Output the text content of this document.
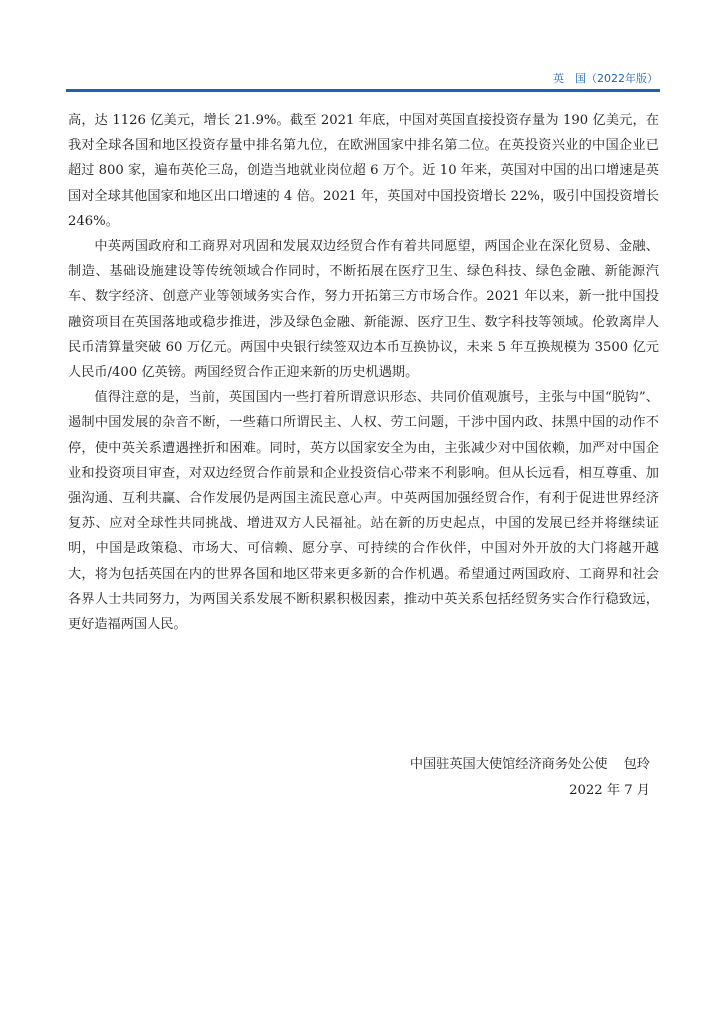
英　国（2022年版）

高，达 1126 亿美元，增长 21.9%。截至 2021 年底，中国对英国直接投资存量为 190 亿美元，在我对全球各国和地区投资存量中排名第九位，在欧洲国家中排名第二位。在英投资兴业的中国企业已超过 800 家，遍布英伦三岛，创造当地就业岗位超 6 万个。近 10 年来，英国对中国的出口增速是英国对全球其他国家和地区出口增速的 4 倍。2021 年，英国对中国投资增长 22%，吸引中国投资增长 246%。

中英两国政府和工商界对巩固和发展双边经贸合作有着共同愿望，两国企业在深化贸易、金融、制造、基础设施建设等传统领域合作同时，不断拓展在医疗卫生、绿色科技、绿色金融、新能源汽车、数字经济、创意产业等领域务实合作，努力开拓第三方市场合作。2021 年以来，新一批中国投融资项目在英国落地或稳步推进，涉及绿色金融、新能源、医疗卫生、数字科技等领域。伦敦离岸人民币清算量突破 60 万亿元。两国中央银行续签双边本币互换协议，未来 5 年互换规模为 3500 亿元人民币/400 亿英镑。两国经贸合作正迎来新的历史机遇期。

值得注意的是，当前，英国国内一些打着所谓意识形态、共同价值观旗号，主张与中国“脱钩”、遏制中国发展的杂音不断，一些藉口所谓民主、人权、劳工问题，干涉中国内政、抹黑中国的动作不停，使中英关系遭遇挫折和困难。同时，英方以国家安全为由，主张减少对中国依赖，加严对中国企业和投资项目审查，对双边经贸合作前景和企业投资信心带来不利影响。但从长远看，相互尊重、加强沟通、互利共赢、合作发展仍是两国主流民意心声。中英两国加强经贸合作，有利于促进世界经济复苏、应对全球性共同挑战、增进双方人民福祉。站在新的历史起点，中国的发展已经并将继续证明，中国是政策稳、市场大、可信赖、愿分享、可持续的合作伙伴，中国对外开放的大门将越开越大，将为包括英国在内的世界各国和地区带来更多新的合作机遇。希望通过两国政府、工商界和社会各界人士共同努力，为两国关系发展不断积累积极因素，推动中英关系包括经贸务实合作行稳致远，更好造福两国人民。

中国驻英国大使馆经济商务处公使 包玲
2022 年 7 月
